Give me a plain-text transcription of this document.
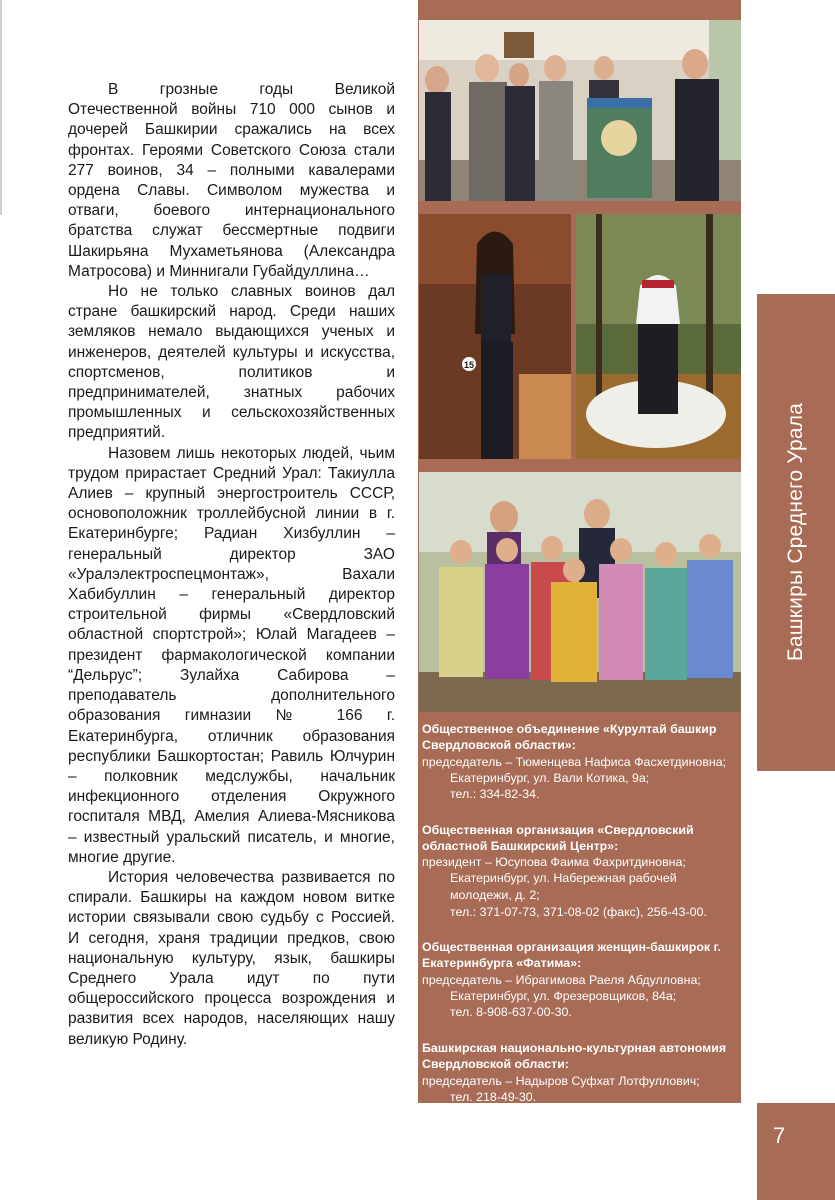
В грозные годы Великой Отечественной войны 710 000 сынов и дочерей Башкирии сражались на всех фронтах. Героями Советского Союза стали 277 воинов, 34 – полными кавалерами ордена Славы. Символом мужества и отваги, боевого интернационального братства служат бессмертные подвиги Шакирьяна Мухаметьянова (Александра Матросова) и Миннигали Губайдуллина…

Но не только славных воинов дал стране башкирский народ. Среди наших земляков немало выдающихся ученых и инженеров, деятелей культуры и искусства, спортсменов, политиков и предпринимателей, знатных рабочих промышленных и сельскохозяйственных предприятий.

Назовем лишь некоторых людей, чьим трудом прирастает Средний Урал: Такиулла Алиев – крупный энергостроитель СССР, основоположник троллейбусной линии в г. Екатеринбурге; Радиан Хизбуллин – генеральный директор ЗАО «Уралэлектроспецмонтаж», Вахали Хабибуллин – генеральный директор строительной фирмы «Свердловский областной спортстрой»; Юлай Магадеев – президент фармакологической компании “Дельрус”; Зулайха Сабирова – преподаватель дополнительного образования гимназии № 166 г. Екатеринбурга, отличник образования республики Башкортостан; Равиль Юлчурин – полковник медслужбы, начальник инфекционного отделения Окружного госпиталя МВД, Амелия Алиева-Мясникова – известный уральский писатель, и многие, многие другие.

История человечества развивается по спирали. Башкиры на каждом новом витке истории связывали свою судьбу с Россией. И сегодня, храня традиции предков, свою национальную культуру, язык, башкиры Среднего Урала идут по пути общероссийского процесса возрождения и развития всех народов, населяющих нашу великую Родину.

15

Общественное объединение «Курултай башкир Свердловской области»:

председатель – Тюменцева Нафиса Фасхетдиновна;

Екатеринбург, ул. Вали Котика, 9а;

тел.: 334-82-34.

Общественная организация «Свердловский областной Башкирский Центр»:

президент – Юсупова Фаима Фахритдиновна;

Екатеринбург, ул. Набережная рабочей молодежи, д. 2;

тел.: 371-07-73, 371-08-02 (факс), 256-43-00.

Общественная организация женщин-башкирок г. Екатеринбурга «Фатима»:

председатель – Ибрагимова Раеля Абдулловна;

Екатеринбург, ул. Фрезеровщиков, 84а;

тел. 8-908-637-00-30.

Башкирская национально-культурная автономия Свердловской области:

председатель – Надыров Суфхат Лотфуллович;

тел. 218-49-30.

Башкиры Среднего Урала
7
